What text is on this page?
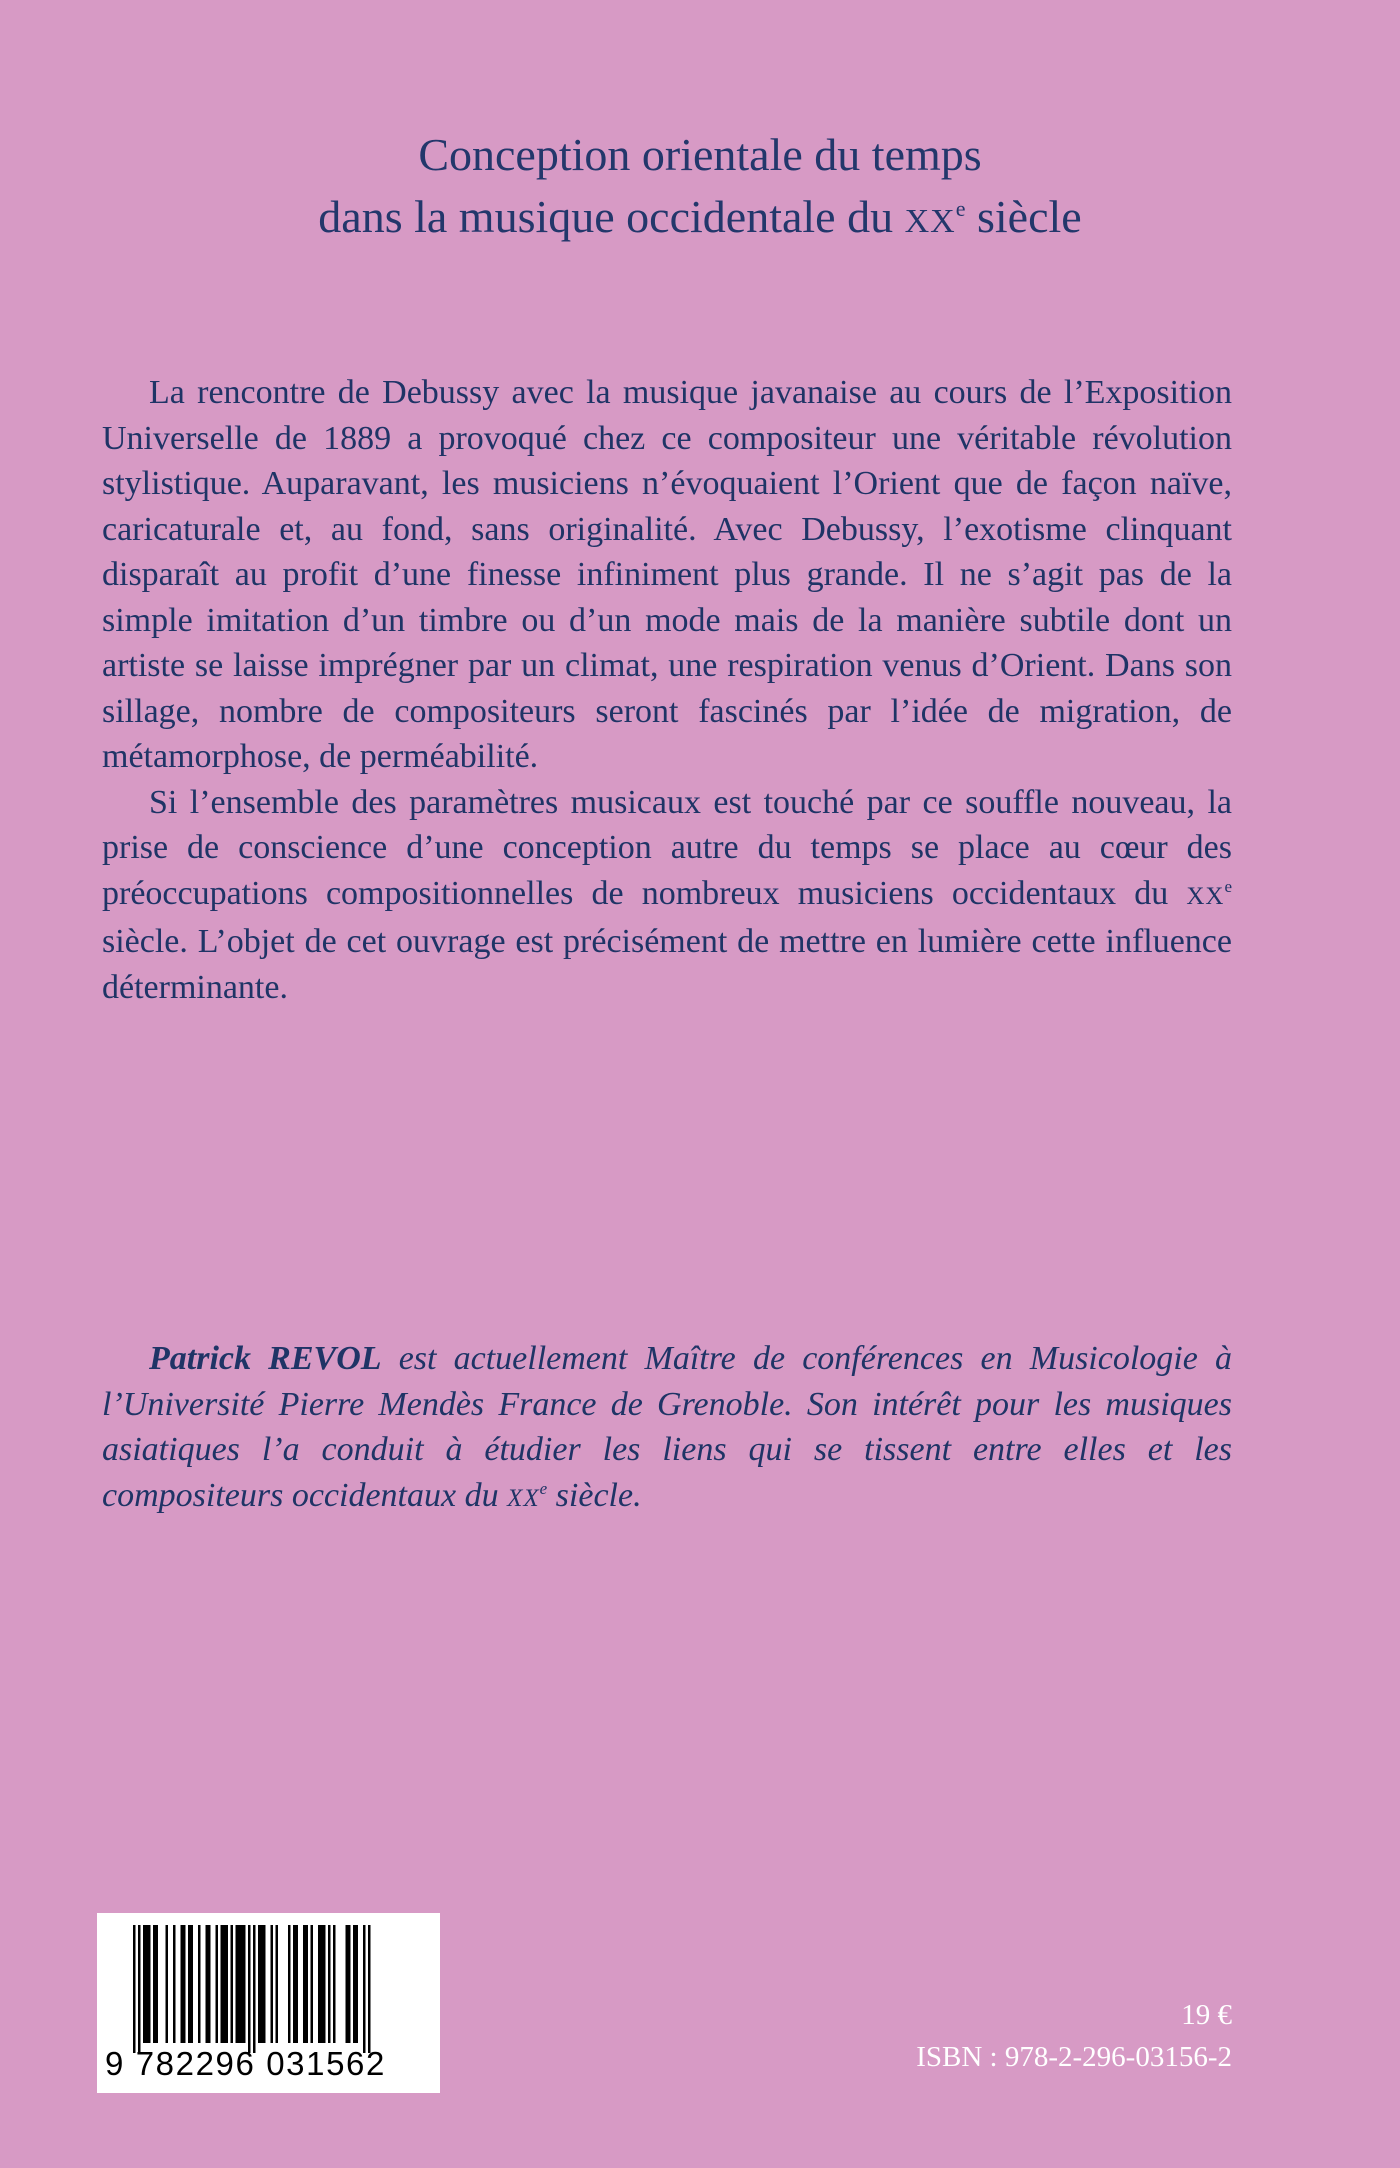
Conception orientale du temps
dans la musique occidentale du XXe siècle

La rencontre de Debussy avec la musique javanaise au cours de l’Exposition Universelle de 1889 a provoqué chez ce compositeur une véritable révolution stylistique. Auparavant, les musiciens n’évoquaient l’Orient que de façon naïve, caricaturale et, au fond, sans originalité. Avec Debussy, l’exotisme clinquant disparaît au profit d’une finesse infiniment plus grande. Il ne s’agit pas de la simple imitation d’un timbre ou d’un mode mais de la manière subtile dont un artiste se laisse imprégner par un climat, une respiration venus d’Orient. Dans son sillage, nombre de compositeurs seront fascinés par l’idée de migration, de métamorphose, de perméabilité.

Si l’ensemble des paramètres musicaux est touché par ce souffle nouveau, la prise de conscience d’une conception autre du temps se place au cœur des préoccupations compositionnelles de nombreux musiciens occidentaux du XXe siècle. L’objet de cet ouvrage est précisément de mettre en lumière cette influence déterminante.

Patrick REVOL est actuellement Maître de conférences en Musicologie à l’Université Pierre Mendès France de Grenoble. Son intérêt pour les musiques asiatiques l’a conduit à étudier les liens qui se tissent entre elles et les compositeurs occidentaux du XXe siècle.

9 782296 031562
19 €
ISBN : 978-2-296-03156-2
